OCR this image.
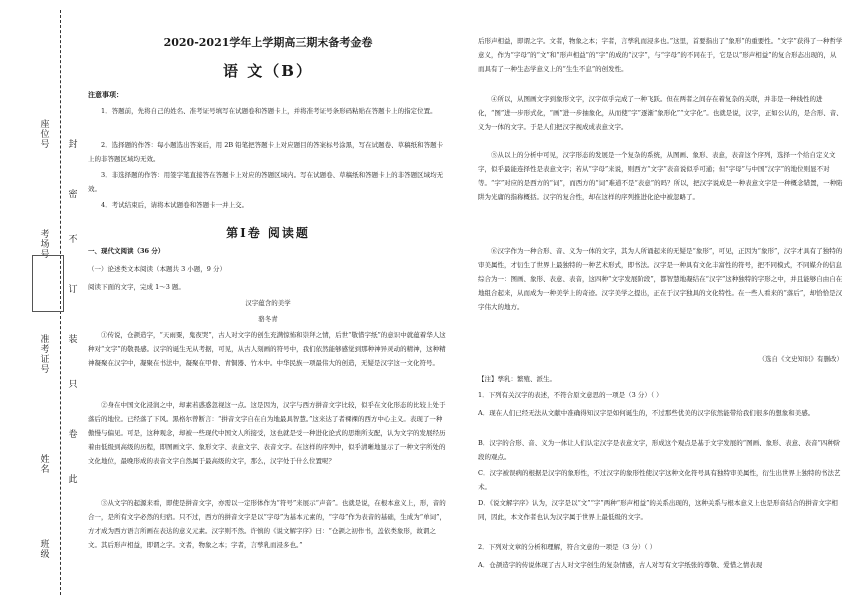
封
座位号
密
考场号
不
订
准考证号
装
只
卷
姓名
此
班级
2020-2021学年上学期高三期末备考金卷
语 文（B）
注意事项：
1．答题前，先将自己的姓名、准考证号填写在试题卷和答题卡上，并将准考证号条形码粘贴在答题卡上的指定位置。
2．选择题的作答：每小题选出答案后，用 2B 铅笔把答题卡上对应题目的答案标号涂黑，写在试题卷、草稿纸和答题卡上的非答题区域均无效。
3．非选择题的作答：用签字笔直接答在答题卡上对应的答题区域内。写在试题卷、草稿纸和答题卡上的非答题区域均无效。
4．考试结束后，请将本试题卷和答题卡一并上交。
第Ⅰ卷 阅读题
一、现代文阅读（36 分）
（一）论述类文本阅读（本题共 3 小题，9 分）
阅读下面的文字，完成 1～3 题。
汉字蕴含的美学
骆冬青
①传说，仓颉造字，“天雨粟，鬼夜哭”，古人对文字的创生充满惊怖和崇拜之情，后世“敬惜字纸”的意识中就蕴着华人这种对“文字”的敬畏感。汉字的诞生无从考据，可见，从古人刻画的符号中，我们依然能够感觉到那种神异灵动的精神，这种精神凝聚在汉字中，凝聚在书法中，凝聚在甲骨、青铜器、竹木中。中华民族一项最伟大的创造，无疑是汉字这一文化符号。
②身在中国文化浸润之中，却素若惑惑忽视这一点。这是因为，汉字与西方拼音文字比较，似乎在文化形态的比较上处于落后的地位。已经落了下风。黑格尔曾断言：“拼音文字自在自为地最具智慧。”这来达了者裸裸的西方中心主义。表现了一种傲慢与偏见。可是，这种观念，却被一些现代中国文人所接受，这也就是受一种进化论式的思维所支配，认为文字的发展经历着由低级到高级的历程，即图画文字、象形文字、表意文字、表音文字。在这样的序列中，似乎清晰地显示了一种文字所处的文化地位，最晚形成的表音文字自然属于最高级的文字，那么，汉字处于什么位置呢？
③从文字的起源来看，即使是拼音文字，亦需以一定形体作为“符号”来展示“声音”。也就是说，在根本意义上，形，音的合一，是所有文字必然的归宿。只不过，西方的拼音文字是以“字母”为基本元素的，“字母”作为表音的基础，生成为“单词”，方才成为西方语言所画在表达的意义元素。汉字则不然。许慎的《说文解字序》曰：“仓颉之初作书，盖依类象形，故谓之文。其后形声相益，即谓之字。文者，物象之本；字者，言孳乳而浸多也。”
后形声相益，即谓之字。文者，物象之本；字者，言孳乳而浸多也。”这里，首要指出了“象形”的重要性。“文字”获得了一种哲学意义，作为“字母”的“文”和“形声相益”的“字”的成的“汉字”，与“字母”的不同在于，它是以“形声相益”的复合形态出现的，从而具有了一种生态学意义上的“生生不息”的创发性。
④所以，从图画文字到象形文字，汉字似乎完成了一种飞跃。但在两者之间存在着复杂的关联，并非是一种线性的进化，“图”进一步形式化，“画”进一步抽象化，从而使“字”逐渐“象形化”“文字化”。也就是说，汉字，正如公认的，是合形、音、义为一体的文字。于是人们把汉字视成成表意文字。
⑤从以上的分析中可见，汉字形态的发展是一个复杂的系统，从图画、象形、表意，表音这个序列，选择一个给自定义文字，似乎最能连择性是表意文字；若从“字母”来说，则西方“文字”表音说似乎可通；但“字母”与中国“汉字”的地位则显不对等。“字”对应的是西方的“词”，而西方的“词”难道不是“表意”的吗？所以，把汉字说成是一种表意文字是一种概念错置，一种陷阱为光庸的指称概括。汉字的复合性，却在这样的序列推进化论中被忽略了。
⑥汉字作为一种合形、音、义为一体的文字，其为人所诵起来的无疑是“象形”，可见，正因为“象形”，汉字才具有了独特的审美属性，才衍生了世界上最独特的一种艺术形式，即书法。汉字是一种具有文化丰富性的符号，把不同模式，不同媒介的信息综合为一：图画、象形、表意、表音，这四种“文字发展阶段”，都智慧地凝结在“汉字”这种独特的字形之中，并且能够自由自在地组合起来，从而成为一种美学上的奇迹。汉字美学之提出，正在于汉字独具的文化特性。在一些人看来的“落后”，却恰恰是汉字伟大的地方。
（选自《文史知识》有删改）
【注】孳乳：繁殖、派生。
1．下列有关汉字的表述，不符合原文意思的一项是（3 分）（ ）
A．现在人们已经无法从文献中准确得知汉字是如何诞生的，不过那些优美的汉字依然能带给我们很多的想象和美感。
B．汉字的合形、音、义为一体让人们认定汉字是表意文字，形成这个观点是基于文字发展的“图画、象形、表意、表音”四种阶段的观点。
C．汉字被误病的根据是汉字的象形性，不过汉字的象形性使汉字这种文化符号具有独特审美属性，衍生出世界上独特的书法艺术。
D．《说文解字序》认为，汉字是以“文”“字”两种“形声相益”的关系出现的，这种关系与根本意义上也是形音结合的拼音文字相同，因此，本文作者也认为汉字属于世界上最低级的文字。
2．下列对文章的分析和理解，符合文意的一项是（3 分）（ ）
A．仓颉造字的传说体现了古人对文字创生的复杂情感，古人对写有文字纸张的尊敬、爱惜之情表现
